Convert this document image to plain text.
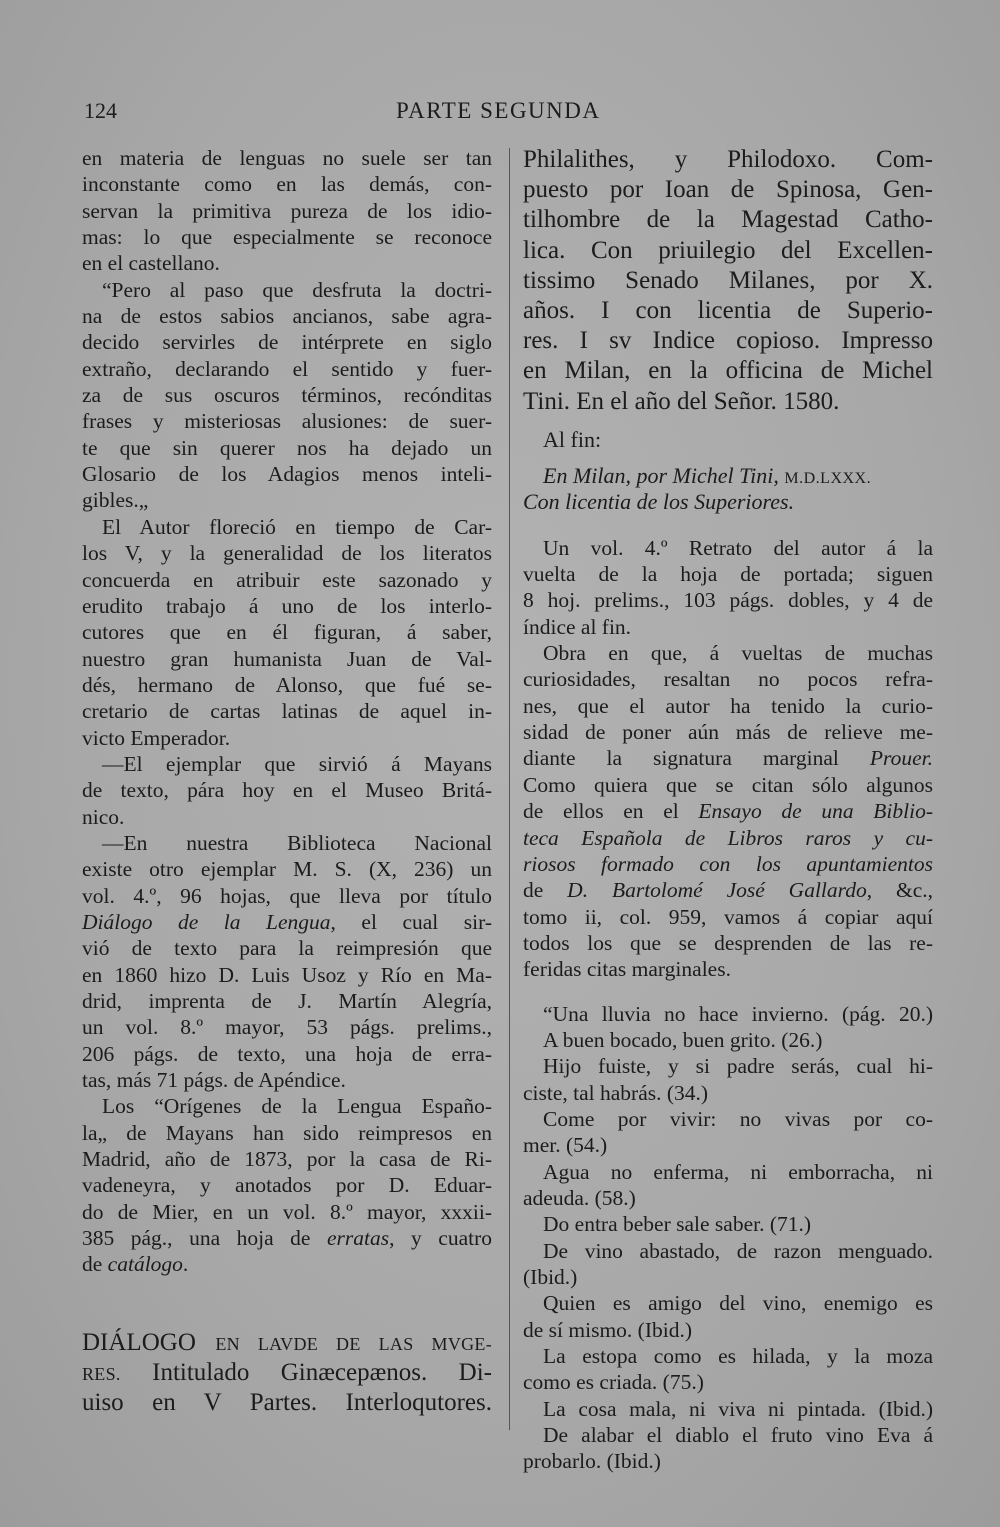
124	PARTE SEGUNDA
en materia de lenguas no suele ser tan
inconstante como en las demás, con-
servan la primitiva pureza de los idio-
mas: lo que especialmente se reconoce
en el castellano.
“Pero al paso que desfruta la doctri-
na de estos sabios ancianos, sabe agra-
decido servirles de intérprete en siglo
extraño, declarando el sentido y fuer-
za de sus oscuros términos, recónditas
frases y misteriosas alusiones: de suer-
te que sin querer nos ha dejado un
Glosario de los Adagios menos inteli-
gibles.„
El Autor floreció en tiempo de Car-
los V, y la generalidad de los literatos
concuerda en atribuir este sazonado y
erudito trabajo á uno de los interlo-
cutores que en él figuran, á saber,
nuestro gran humanista Juan de Val-
dés, hermano de Alonso, que fué se-
cretario de cartas latinas de aquel in-
victo Emperador.
—El ejemplar que sirvió á Mayans
de texto, pára hoy en el Museo Britá-
nico.
—En nuestra Biblioteca Nacional
existe otro ejemplar M. S. (X, 236) un
vol. 4.º, 96 hojas, que lleva por título
Diálogo de la Lengua, el cual sir-
vió de texto para la reimpresión que
en 1860 hizo D. Luis Usoz y Río en Ma-
drid, imprenta de J. Martín Alegría,
un vol. 8.º mayor, 53 págs. prelims.,
206 págs. de texto, una hoja de erra-
tas, más 71 págs. de Apéndice.
Los “Orígenes de la Lengua Españo-
la„ de Mayans han sido reimpresos en
Madrid, año de 1873, por la casa de Ri-
vadeneyra, y anotados por D. Eduar-
do de Mier, en un vol. 8.º mayor, xxxii-
385 pág., una hoja de erratas, y cuatro
de catálogo.
DIÁLOGO EN LAVDE DE LAS MVGE-
RES. Intitulado Ginæcepænos. Di-
uiso en V Partes. Interloqutores.
Philalithes, y Philodoxo. Com-
puesto por Ioan de Spinosa, Gen-
tilhombre de la Magestad Catho-
lica. Con priuilegio del Excellen-
tissimo Senado Milanes, por X.
años. I con licentia de Superio-
res. I sv Indice copioso. Impresso
en Milan, en la officina de Michel
Tini. En el año del Señor. 1580.
Al fin:
En Milan, por Michel Tini, M.D.LXXX.
Con licentia de los Superiores.
Un vol. 4.º Retrato del autor á la
vuelta de la hoja de portada; siguen
8 hoj. prelims., 103 págs. dobles, y 4 de
índice al fin.
Obra en que, á vueltas de muchas
curiosidades, resaltan no pocos refra-
nes, que el autor ha tenido la curio-
sidad de poner aún más de relieve me-
diante la signatura marginal Prouer.
Como quiera que se citan sólo algunos
de ellos en el Ensayo de una Biblio-
teca Española de Libros raros y cu-
riosos formado con los apuntamientos
de D. Bartolomé José Gallardo, &c.,
tomo ii, col. 959, vamos á copiar aquí
todos los que se desprenden de las re-
feridas citas marginales.
“Una lluvia no hace invierno. (pág. 20.)
A buen bocado, buen grito. (26.)
Hijo fuiste, y si padre serás, cual hi-
ciste, tal habrás. (34.)
Come por vivir: no vivas por co-
mer. (54.)
Agua no enferma, ni emborracha, ni
adeuda. (58.)
Do entra beber sale saber. (71.)
De vino abastado, de razon menguado.
(Ibid.)
Quien es amigo del vino, enemigo es
de sí mismo. (Ibid.)
La estopa como es hilada, y la moza
como es criada. (75.)
La cosa mala, ni viva ni pintada. (Ibid.)
De alabar el diablo el fruto vino Eva á
probarlo. (Ibid.)
